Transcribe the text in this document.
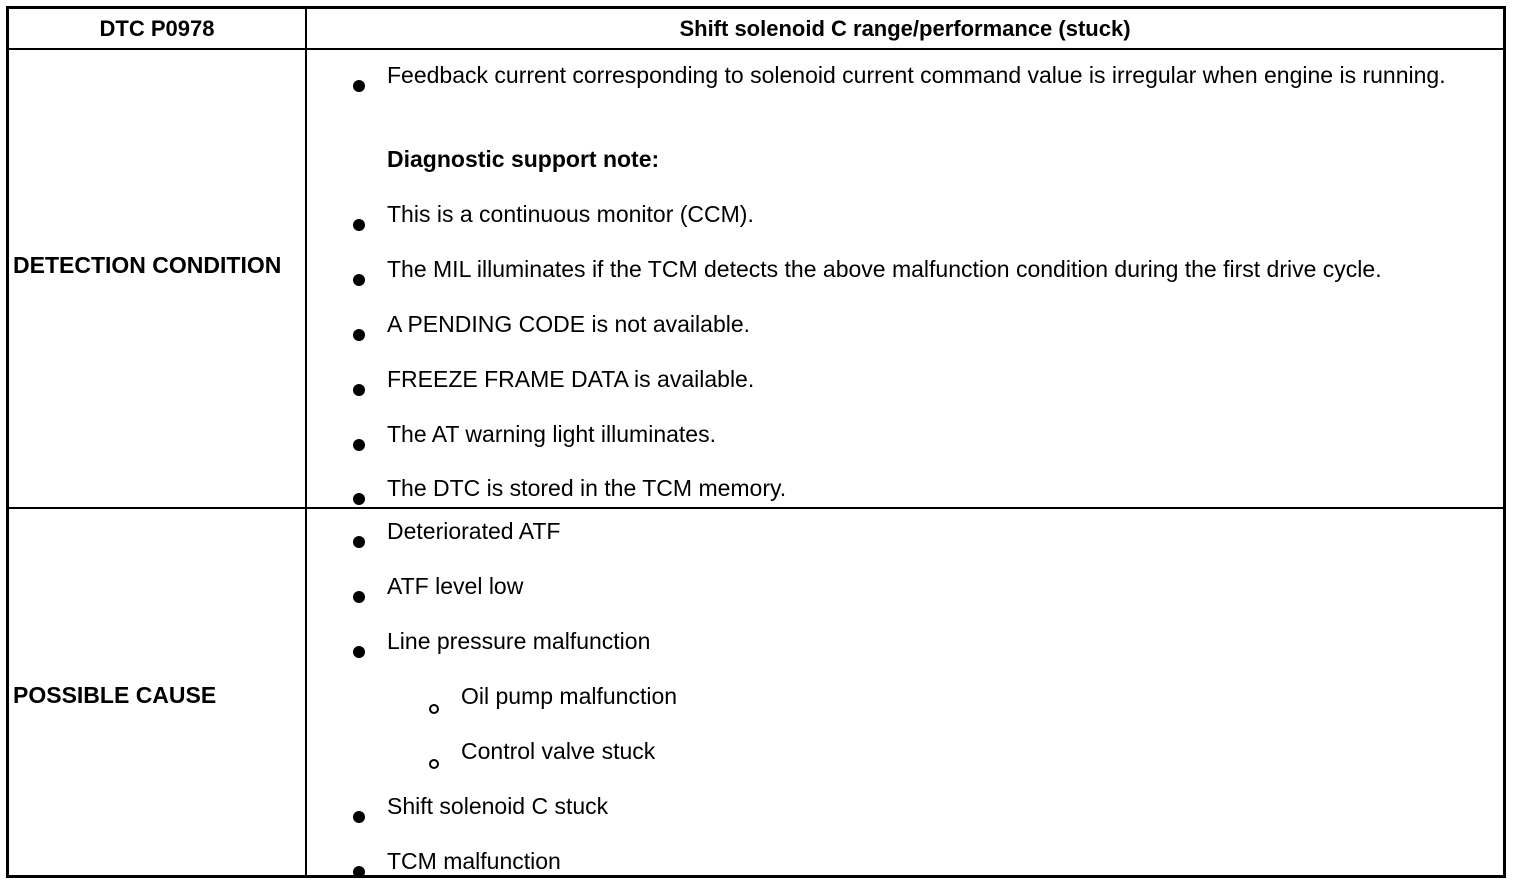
DTC P0978	Shift solenoid C range/performance (stuck)
DETECTION CONDITION
POSSIBLE CAUSE
Feedback current corresponding to solenoid current command value is irregular when engine is running.
Diagnostic support note:
This is a continuous monitor (CCM).
The MIL illuminates if the TCM detects the above malfunction condition during the first drive cycle.
A PENDING CODE is not available.
FREEZE FRAME DATA is available.
The AT warning light illuminates.
The DTC is stored in the TCM memory.
Deteriorated ATF
ATF level low
Line pressure malfunction
Oil pump malfunction
Control valve stuck
Shift solenoid C stuck
TCM malfunction
